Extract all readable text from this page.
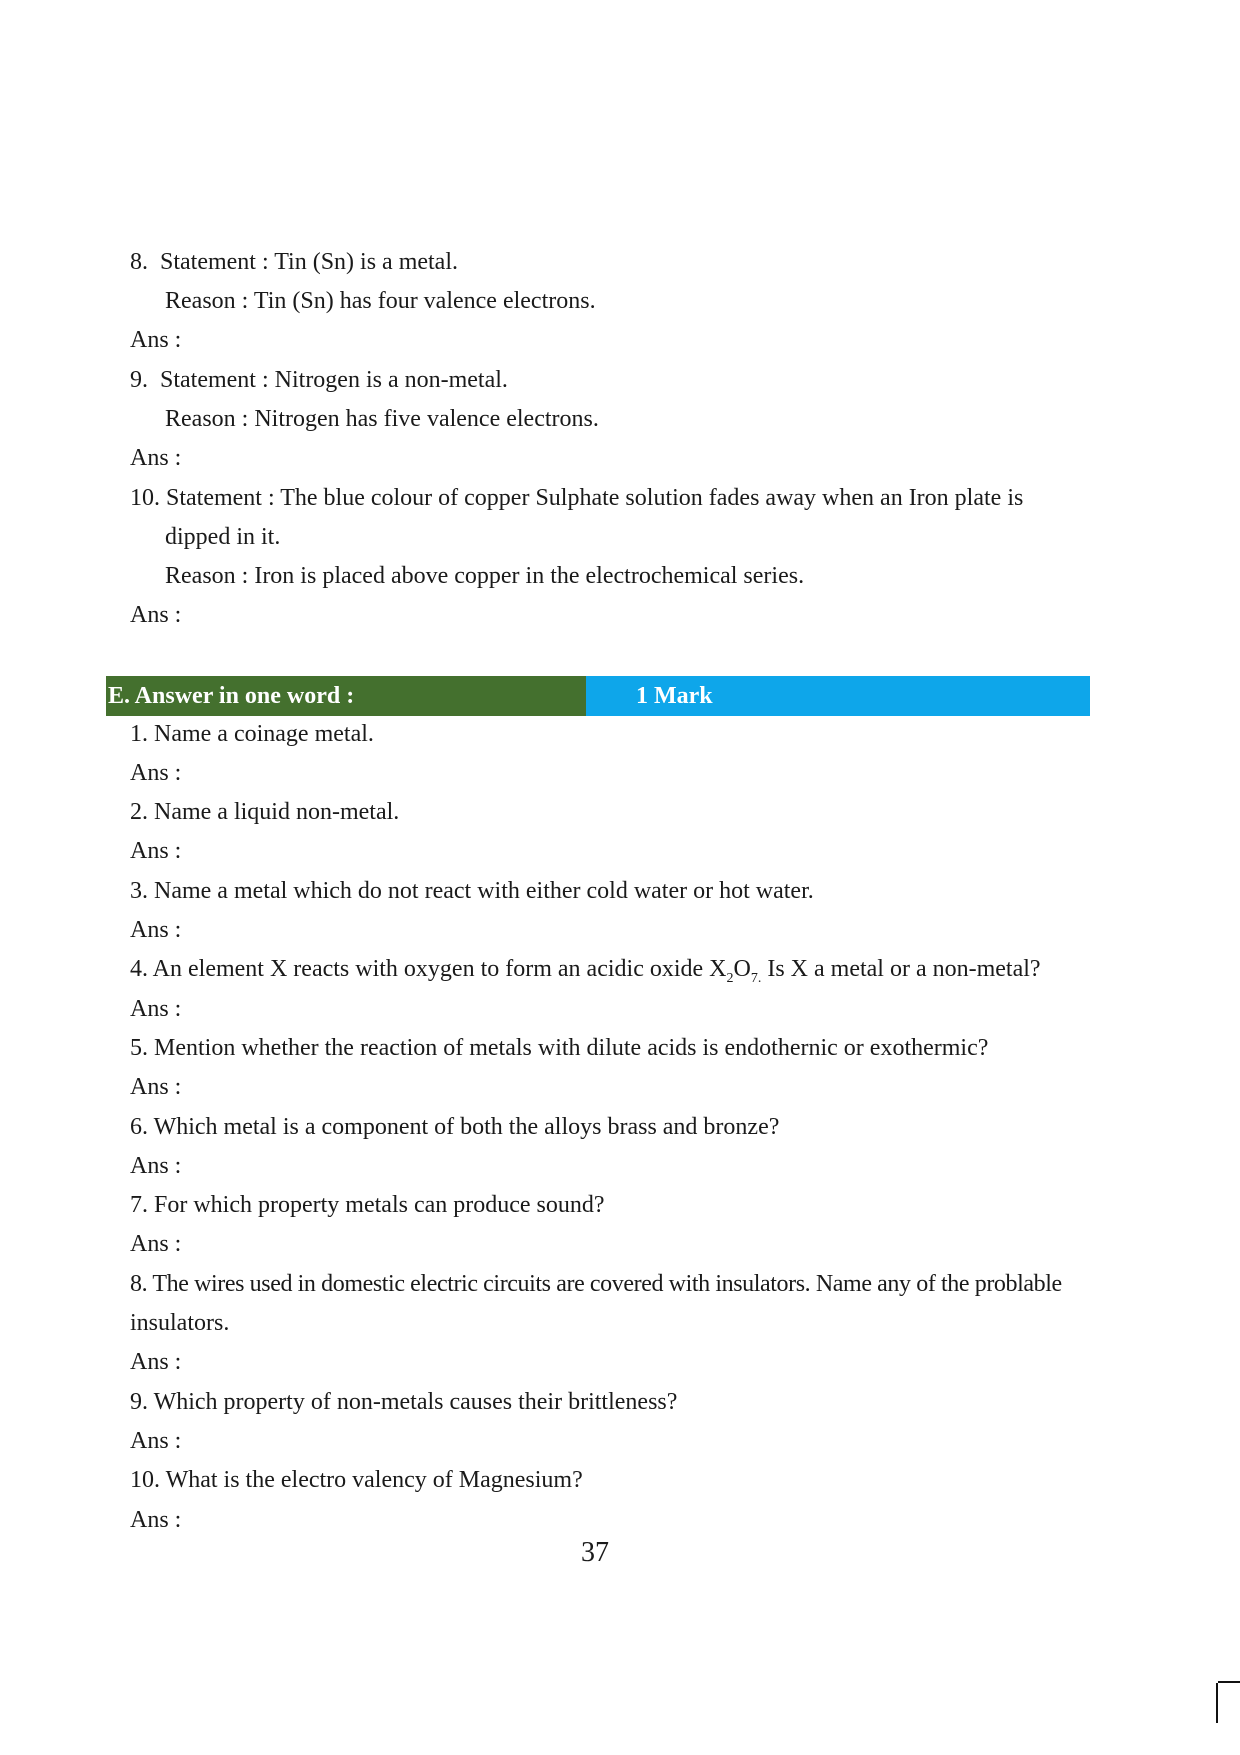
8.  Statement : Tin (Sn) is a metal.
Reason : Tin (Sn) has four valence electrons.
Ans :
9.  Statement : Nitrogen is a non-metal.
Reason : Nitrogen has five valence electrons.
Ans :
10. Statement : The blue colour of copper Sulphate solution fades away when an Iron plate is
dipped in it.
Reason : Iron is placed above copper in the electrochemical series.
Ans :
E. Answer in one word :	1 Mark
1. Name a coinage metal.
Ans :
2. Name a liquid non-metal.
Ans :
3. Name a metal which do not react with either cold water or hot water.
Ans :
4. An element X reacts with oxygen to form an acidic oxide $X_2O_{7.}$ Is X a metal or a non-metal?
Ans :
5. Mention whether the reaction of metals with dilute acids is endothernic or exothermic?
Ans :
6. Which metal is a component of both the alloys brass and bronze?
Ans :
7. For which property metals can produce sound?
Ans :
8. The wires used in domestic electric circuits are covered with insulators. Name any of the problable
insulators.
Ans :
9. Which property of non-metals causes their brittleness?
Ans :
10. What is the electro valency of Magnesium?
Ans :
37
